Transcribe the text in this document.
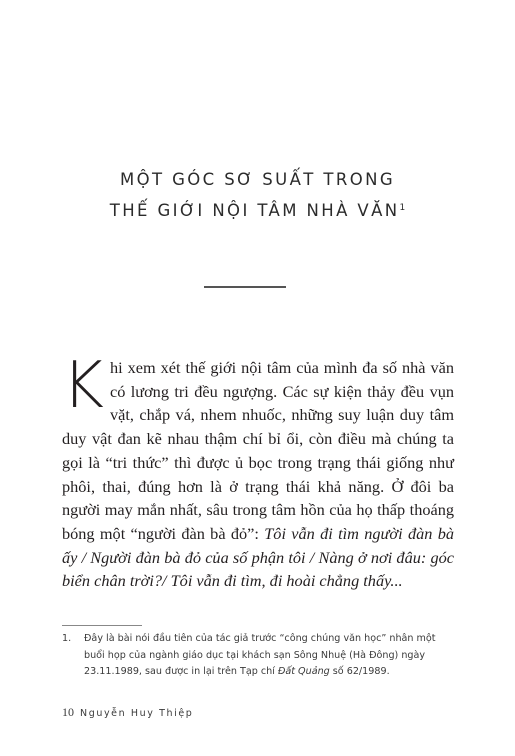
MỘT GÓC SƠ SUẤT TRONG
THẾ GIỚI NỘI TÂM NHÀ VĂN$^1$
Khi xem xét thế giới nội tâm của mình đa số nhà văn có lương tri đều ngượng. Các sự kiện thảy đều vụn vặt, chắp vá, nhem nhuốc, những suy luận duy tâm duy vật đan kẽ nhau thậm chí bỉ ổi, còn điều mà chúng ta gọi là “tri thức” thì được ủ bọc trong trạng thái giống như phôi, thai, đúng hơn là ở trạng thái khả năng. Ở đôi ba người may mắn nhất, sâu trong tâm hồn của họ thấp thoáng bóng một “người đàn bà đỏ”: Tôi vẫn đi tìm người đàn bà ấy / Người đàn bà đỏ của số phận tôi / Nàng ở nơi đâu: góc biển chân trời?/ Tôi vẫn đi tìm, đi hoài chẳng thấy...
1. Đây là bài nói đầu tiên của tác giả trước “công chúng văn học” nhân một buổi họp của ngành giáo dục tại khách sạn Sông Nhuệ (Hà Đông) ngày 23.11.1989, sau được in lại trên Tạp chí Đất Quảng số 62/1989.
10 Nguyễn Huy Thiệp
